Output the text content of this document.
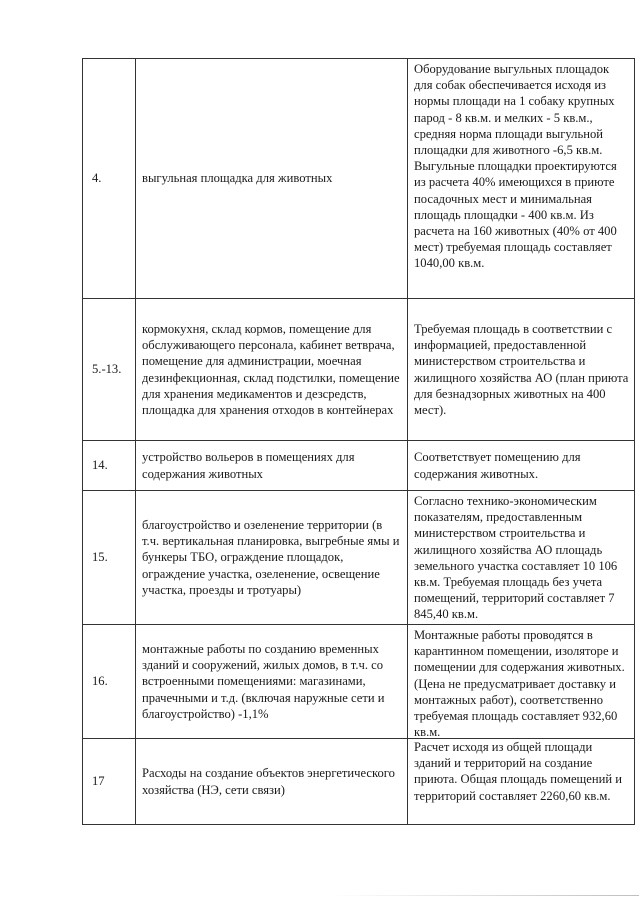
4.	выгульная площадка для животных
Оборудование выгульных площадок для собак обеспечивается исходя из нормы площади на 1 собаку крупных парод - 8 кв.м. и мелких - 5 кв.м., средняя норма площади выгульной площадки для животного -6,5 кв.м. Выгульные площадки проектируются из расчета 40% имеющихся в приюте посадочных мест и минимальная площадь площадки - 400 кв.м. Из расчета на 160 животных (40% от 400 мест) требуемая площадь составляет 1040,00 кв.м.
5.-13.
кормокухня, склад кормов, помещение для обслуживающего персонала, кабинет ветврача, помещение для администрации, моечная дезинфекционная, склад подстилки, помещение для хранения медикаментов и дезсредств, площадка для хранения отходов в контейнерах
Требуемая площадь в соответствии с информацией, предоставленной министерством строительства и жилищного хозяйства АО (план приюта для безнадзорных животных на 400 мест).
14.
устройство вольеров в помещениях для содержания животных
Соответствует помещению для содержания животных.
15.
благоустройство и озеленение территории (в т.ч. вертикальная планировка, выгребные ямы и бункеры ТБО, ограждение площадок, ограждение участка, озеленение, освещение участка, проезды и тротуары)
Согласно технико-экономическим показателям, предоставленным министерством строительства и жилищного хозяйства АО площадь земельного участка составляет 10 106 кв.м. Требуемая площадь без учета помещений, территорий составляет 7 845,40 кв.м.
16.
монтажные работы по созданию временных зданий и сооружений, жилых домов, в т.ч. со встроенными помещениями: магазинами, прачечными и т.д. (включая наружные сети и благоустройство) -1,1%
Монтажные работы проводятся в карантинном помещении, изоляторе и помещении для содержания животных. (Цена не предусматривает доставку и монтажных работ), соответственно требуемая площадь составляет 932,60 кв.м.
17
Расходы на создание объектов энергетического хозяйства (НЭ, сети связи)
Расчет исходя из общей площади зданий и территорий на создание приюта. Общая площадь помещений и территорий составляет 2260,60 кв.м.
